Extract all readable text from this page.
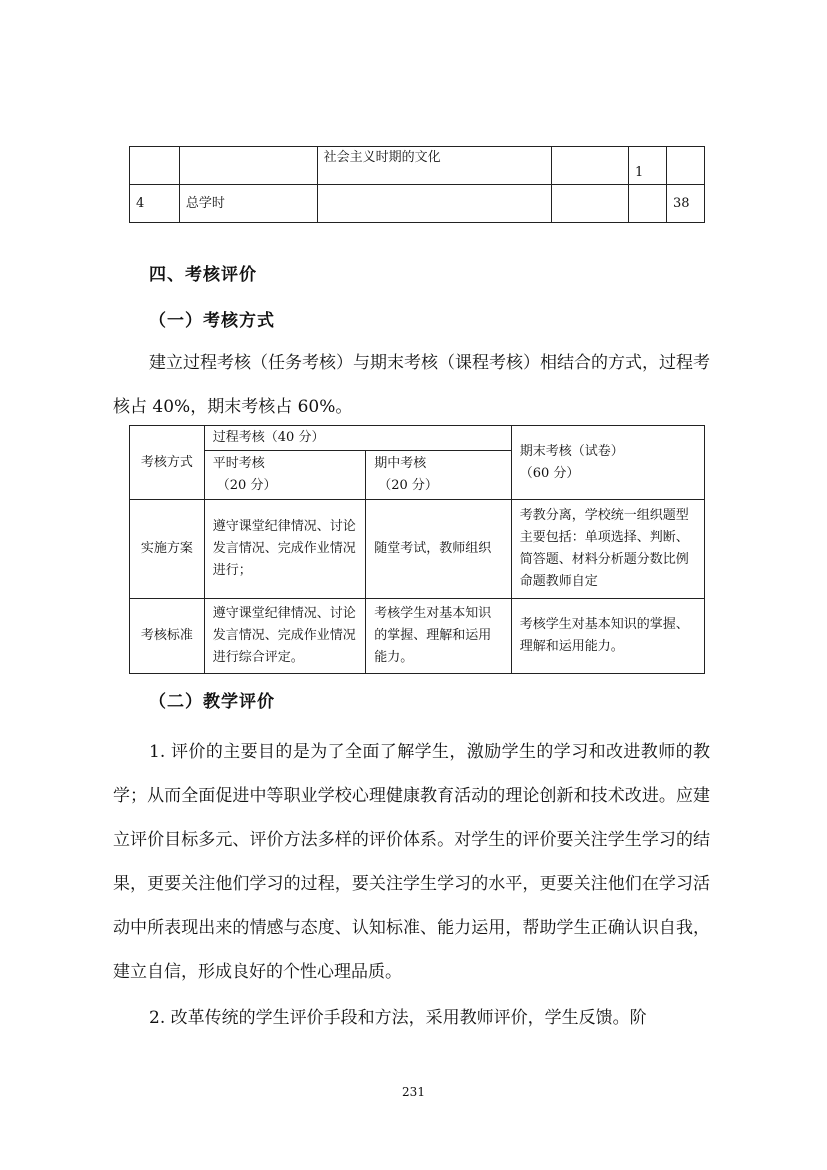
		社会主义时期的文化		1	
4	总学时				38
四、考核评价
（一）考核方式

建立过程考核（任务考核）与期末考核（课程考核）相结合的方式，过程考核占 40%，期末考核占 60%。

考核方式	过程考核（40 分）		期末考核（试卷）
（60 分）

	平时考核
（20 分）	期中考核
（20 分）	

实施方案	遵守课堂纪律情况、讨论发言情况、完成作业情况进行；	随堂考试，教师组织	考教分离，学校统一组织题型主要包括：单项选择、判断、简答题、材料分析题分数比例命题教师自定
考核标准	遵守课堂纪律情况、讨论发言情况、完成作业情况进行综合评定。	考核学生对基本知识的掌握、理解和运用能力。	考核学生对基本知识的掌握、理解和运用能力。
（二）教学评价

1. 评价的主要目的是为了全面了解学生，激励学生的学习和改进教师的教学；从而全面促进中等职业学校心理健康教育活动的理论创新和技术改进。应建立评价目标多元、评价方法多样的评价体系。对学生的评价要关注学生学习的结果，更要关注他们学习的过程，要关注学生学习的水平，更要关注他们在学习活动中所表现出来的情感与态度、认知标准、能力运用，帮助学生正确认识自我，建立自信，形成良好的个性心理品质。

2. 改革传统的学生评价手段和方法，采用教师评价，学生反馈。阶

231
